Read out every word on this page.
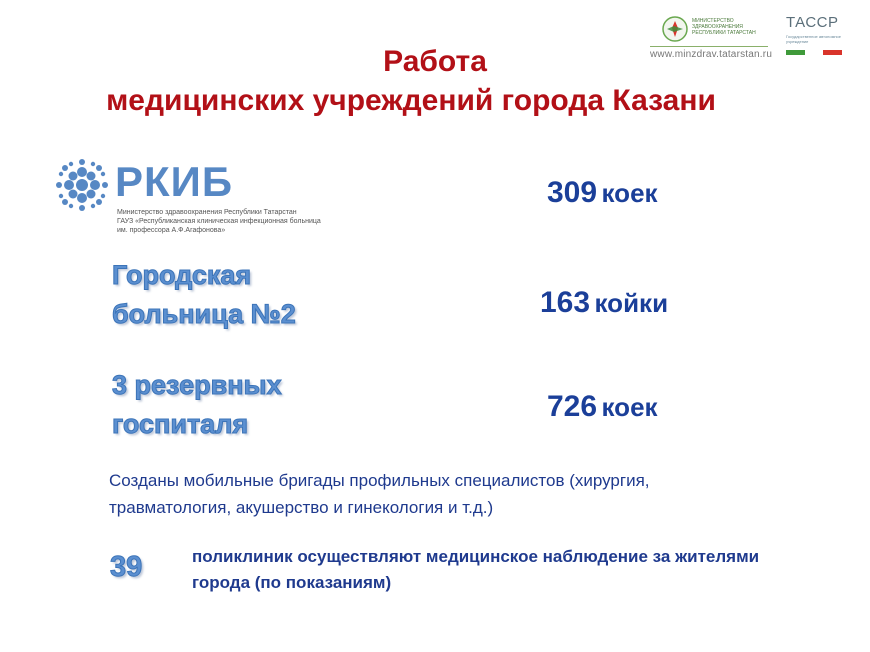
МИНИСТЕРСТВО ЗДРАВООХРАНЕНИЯ РЕСПУБЛИКИ ТАТАРСТАН
www.minzdrav.tatarstan.ru
ТАССР
Государственное автономное учреждение
Работа
медицинских учреждений города Казани
РКИБ
Министерство здравоохранения Республики Татарстан
ГАУЗ «Республиканская клиническая инфекционная больница
им. профессора А.Ф.Агафонова»
309 коек
Городская
больница №2	163 койки
3 резервных
госпиталя
726 коек
Созданы мобильные бригады профильных специалистов (хирургия,
травматология, акушерство и гинекология и т.д.)
39	поликлиник осуществляют медицинское наблюдение за жителями
города (по показаниям)
